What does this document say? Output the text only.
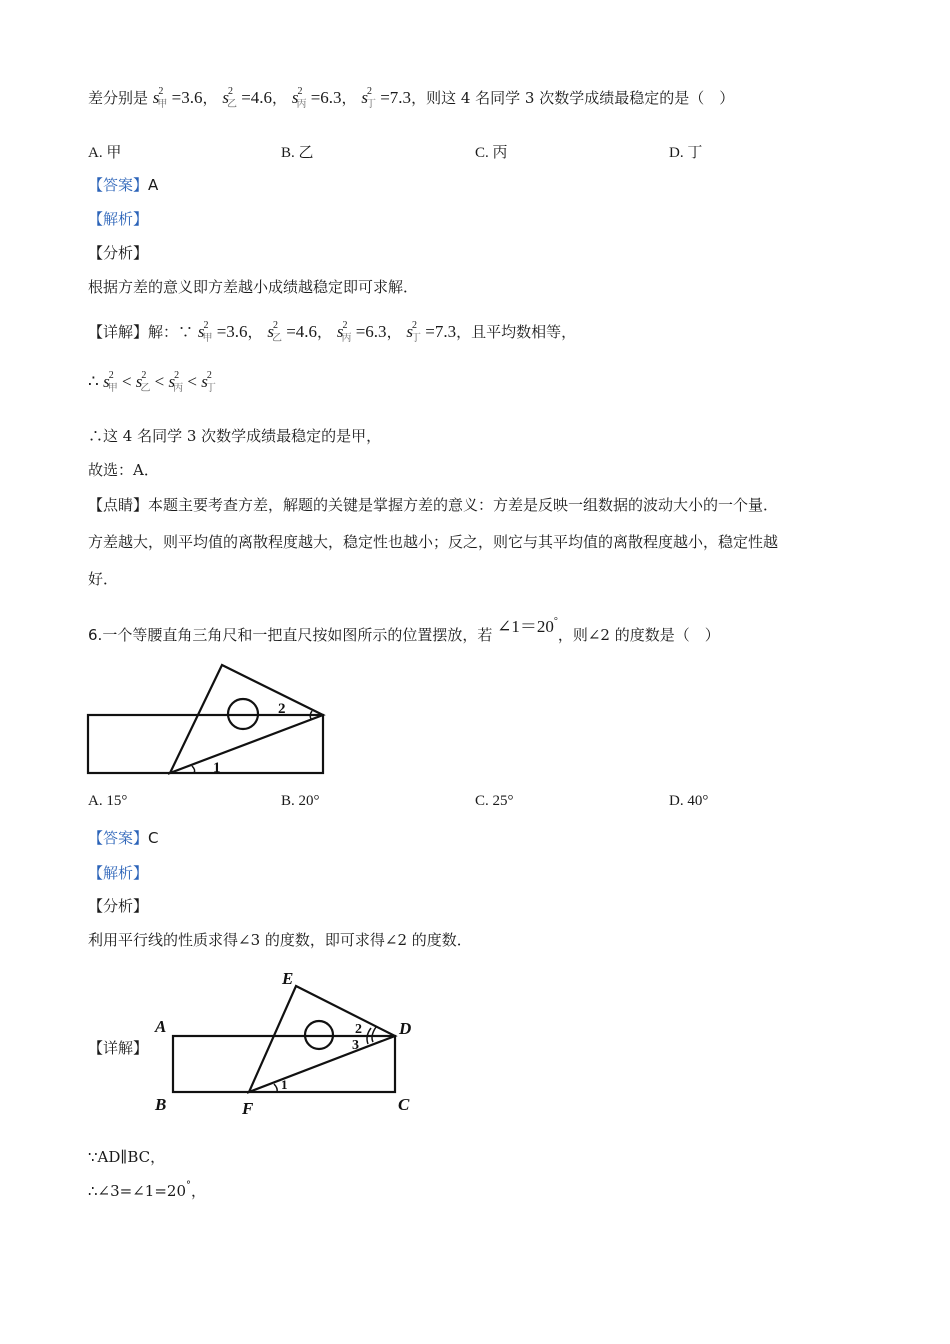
差分别是 $s^2_甲 =3.6$， $s^2_乙 =4.6$， $s^2_丙 =6.3$， $s^2_丁 =7.3$，则这 4 名同学 3 次数学成绩最稳定的是（　）
A. 甲	B. 乙	C. 丙	D. 丁
【答案】A
【解析】
【分析】
根据方差的意义即方差越小成绩越稳定即可求解．
【详解】解：∵ $s^2_甲 =3.6$， $s^2_乙 =4.6$， $s^2_丙 =6.3$， $s^2_丁 =7.3$，且平均数相等，
∴ $s^2_甲 < s^2_乙 < s^2_丙 < s^2_丁$
∴这 4 名同学 3 次数学成绩最稳定的是甲，
故选：A．
【点睛】本题主要考查方差，解题的关键是掌握方差的意义：方差是反映一组数据的波动大小的一个量．
方差越大，则平均值的离散程度越大，稳定性也越小；反之，则它与其平均值的离散程度越小，稳定性越
好．
6.一个等腰直角三角尺和一把直尺按如图所示的位置摆放，若 ∠1＝20°，则∠2 的度数是（　）
1
2
A. 15°	B. 20°	C. 25°	D. 40°
【答案】C
【解析】
【分析】
利用平行线的性质求得∠3 的度数，即可求得∠2 的度数．
【详解】
E
A	D
B	F	C
1
2
3
∵AD∥BC，
∴∠3=∠1=20°，
